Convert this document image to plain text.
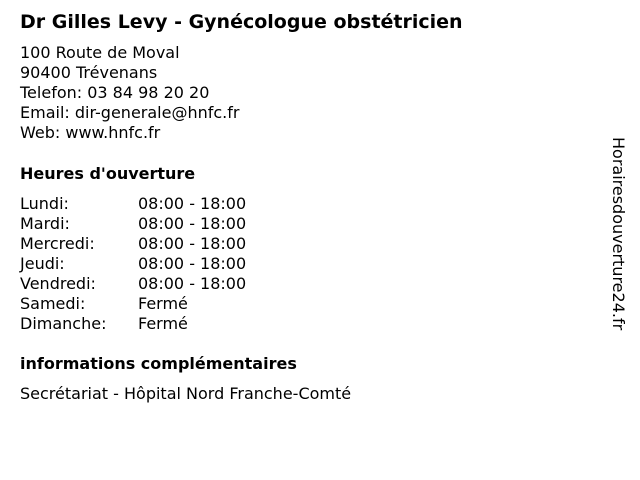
Dr Gilles Levy - Gynécologue obstétricien
100 Route de Moval
90400 Trévenans
Telefon: 03 84 98 20 20
Email: dir-generale@hnfc.fr
Web: www.hnfc.fr
Heures d'ouverture
Lundi:	08:00 - 18:00
Mardi:	08:00 - 18:00
Mercredi:	08:00 - 18:00
Jeudi:	08:00 - 18:00
Vendredi:	08:00 - 18:00
Samedi:	Fermé
Dimanche: Fermé
informations complémentaires
Secrétariat - Hôpital Nord Franche-Comté
Horairesdouverture24.fr
